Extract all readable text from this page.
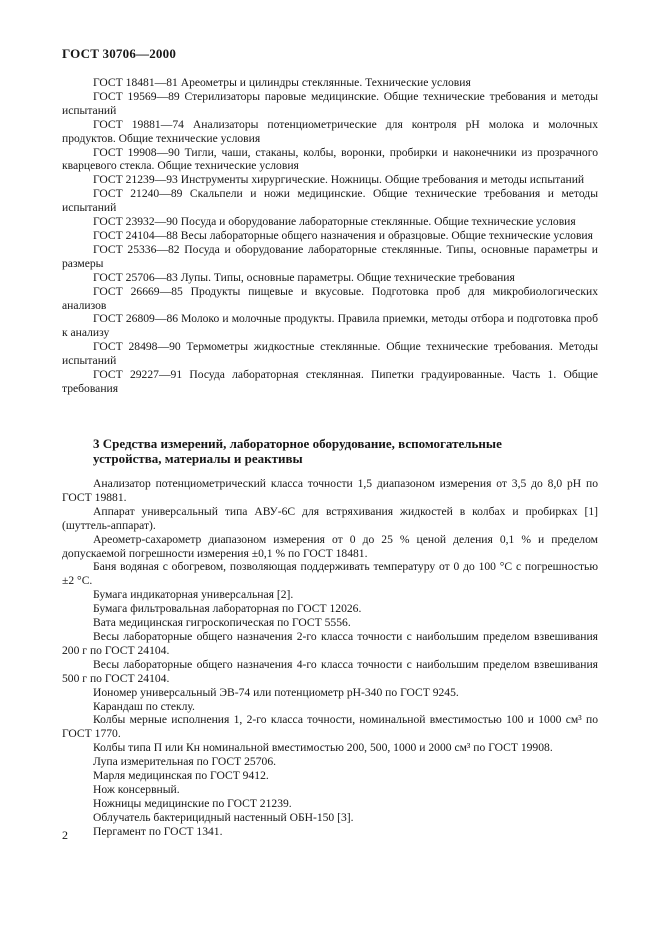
ГОСТ 30706—2000

ГОСТ 18481—81 Ареометры и цилиндры стеклянные. Технические условия

ГОСТ 19569—89 Стерилизаторы паровые медицинские. Общие технические требования и методы испытаний

ГОСТ 19881—74 Анализаторы потенциометрические для контроля рН молока и молочных продуктов. Общие технические условия

ГОСТ 19908—90 Тигли, чаши, стаканы, колбы, воронки, пробирки и наконечники из прозрачного кварцевого стекла. Общие технические условия

ГОСТ 21239—93 Инструменты хирургические. Ножницы. Общие требования и методы испытаний

ГОСТ 21240—89 Скальпели и ножи медицинские. Общие технические требования и методы испытаний

ГОСТ 23932—90 Посуда и оборудование лабораторные стеклянные. Общие технические условия

ГОСТ 24104—88 Весы лабораторные общего назначения и образцовые. Общие технические условия

ГОСТ 25336—82 Посуда и оборудование лабораторные стеклянные. Типы, основные параметры и размеры

ГОСТ 25706—83 Лупы. Типы, основные параметры. Общие технические требования

ГОСТ 26669—85 Продукты пищевые и вкусовые. Подготовка проб для микробиологических анализов

ГОСТ 26809—86 Молоко и молочные продукты. Правила приемки, методы отбора и подготовка проб к анализу

ГОСТ 28498—90 Термометры жидкостные стеклянные. Общие технические требования. Методы испытаний

ГОСТ 29227—91 Посуда лабораторная стеклянная. Пипетки градуированные. Часть 1. Общие требования

3 Средства измерений, лабораторное оборудование, вспомогательные
устройства, материалы и реактивы

Анализатор потенциометрический класса точности 1,5 диапазоном измерения от 3,5 до 8,0 рН по ГОСТ 19881.

Аппарат универсальный типа АВУ-6С для встряхивания жидкостей в колбах и пробирках [1] (шуттель-аппарат).

Ареометр-сахарометр диапазоном измерения от 0 до 25 % ценой деления 0,1 % и пределом допускаемой погрешности измерения ±0,1 % по ГОСТ 18481.

Баня водяная с обогревом, позволяющая поддерживать температуру от 0 до 100 °С с погрешностью ±2 °С.

Бумага индикаторная универсальная [2].

Бумага фильтровальная лабораторная по ГОСТ 12026.

Вата медицинская гигроскопическая по ГОСТ 5556.

Весы лабораторные общего назначения 2-го класса точности с наибольшим пределом взвешивания 200 г по ГОСТ 24104.

Весы лабораторные общего назначения 4-го класса точности с наибольшим пределом взвешивания 500 г по ГОСТ 24104.

Иономер универсальный ЭВ-74 или потенциометр рН-340 по ГОСТ 9245.

Карандаш по стеклу.

Колбы мерные исполнения 1, 2-го класса точности, номинальной вместимостью 100 и 1000 см³ по ГОСТ 1770.

Колбы типа П или Кн номинальной вместимостью 200, 500, 1000 и 2000 см³ по ГОСТ 19908.

Лупа измерительная по ГОСТ 25706.

Марля медицинская по ГОСТ 9412.

Нож консервный.

Ножницы медицинские по ГОСТ 21239.

Облучатель бактерицидный настенный ОБН-150 [3].

Пергамент по ГОСТ 1341.

2
